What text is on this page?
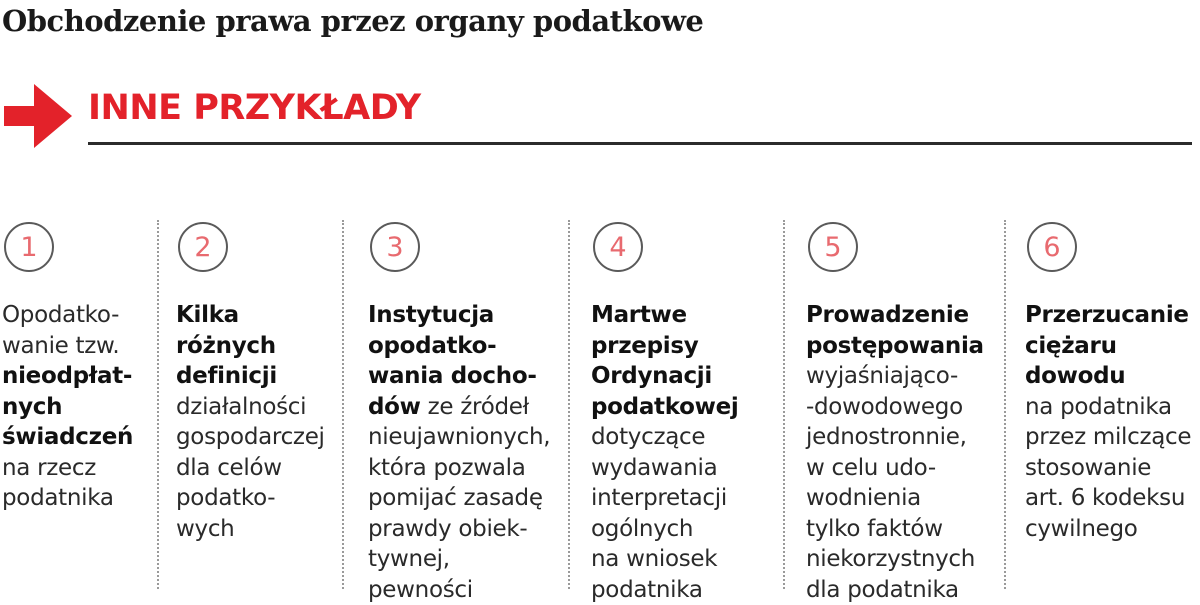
Obchodzenie prawa przez organy podatkowe
INNE PRZYKŁADY
1
Opodatko-
wanie tzw.
nieodpłat-
nych
świadczeń
na rzecz
podatnika
2
Kilka
różnych
definicji
działalności
gospodarczej
dla celów
podatko-
wych
3
Instytucja
opodatko-
wania docho-
dów ze źródeł
nieujawnionych,
która pozwala
pomijać zasadę
prawdy obiek-
tywnej,
pewności
4
Martwe
przepisy
Ordynacji
podatkowej
dotyczące
wydawania
interpretacji
ogólnych
na wniosek
podatnika
5
Prowadzenie
postępowania
wyjaśniająco-
-dowodowego
jednostronnie,
w celu udo-
wodnienia
tylko faktów
niekorzystnych
dla podatnika
6
Przerzucanie
ciężaru
dowodu
na podatnika
przez milczące
stosowanie
art. 6 kodeksu
cywilnego
